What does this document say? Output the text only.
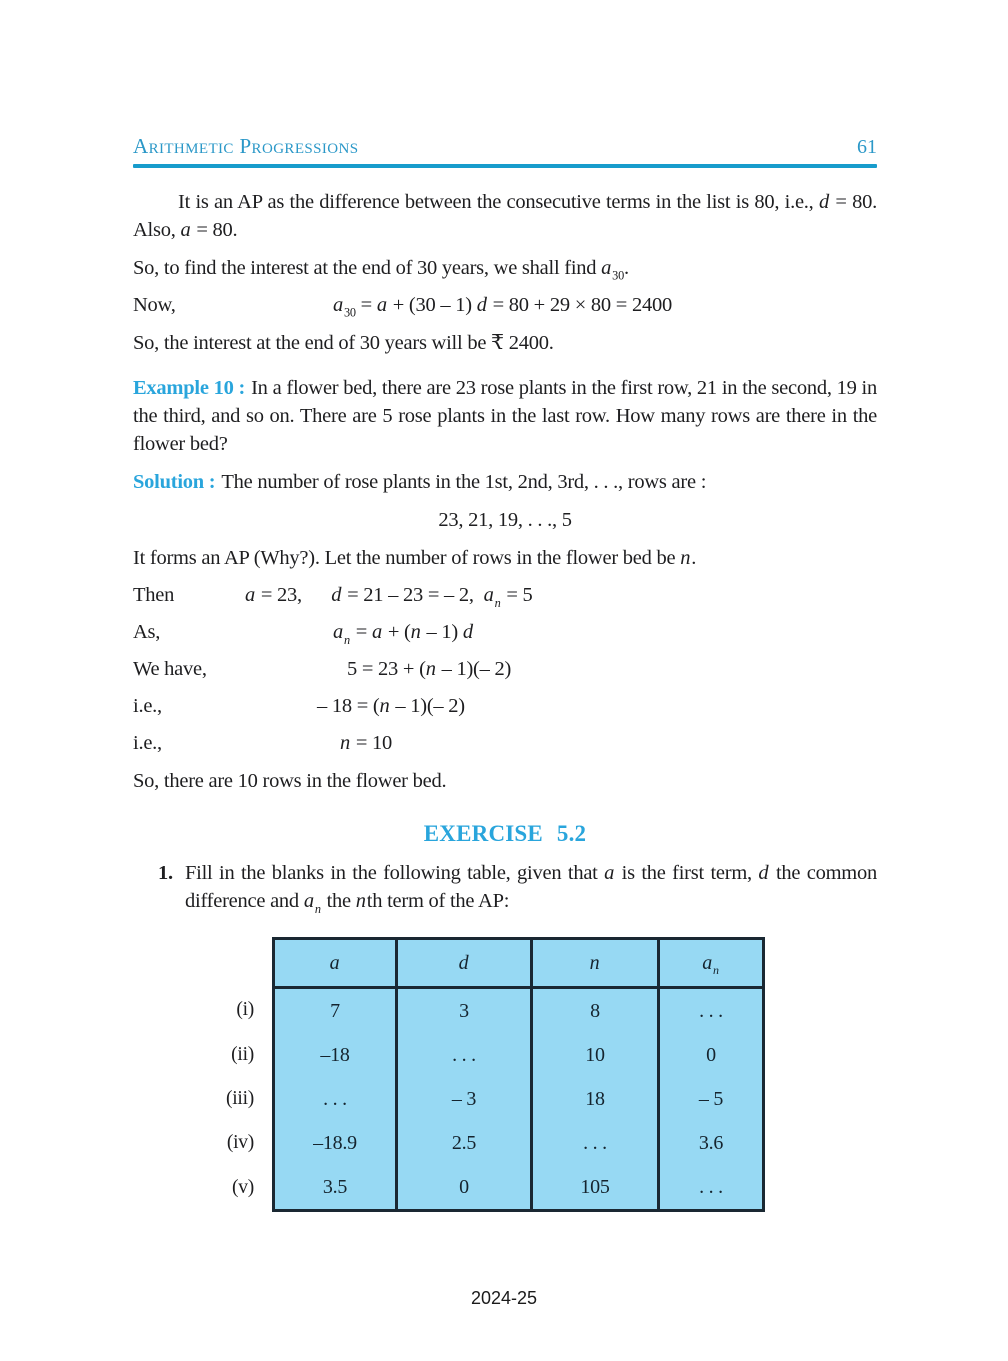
Arithmetic Progressions	61

It is an AP as the difference between the consecutive terms in the list is 80, i.e., d = 80. Also, a = 80.

So, to find the interest at the end of 30 years, we shall find $a_{30}$.

Now,	$a_{30} = a + (30 - 1) d = 80 + 29 \times 80 = 2400$

So, the interest at the end of 30 years will be ₹ 2400.

Example 10 : In a flower bed, there are 23 rose plants in the first row, 21 in the second, 19 in the third, and so on. There are 5 rose plants in the last row. How many rows are there in the flower bed?

Solution : The number of rose plants in the 1st, 2nd, 3rd, . . ., rows are :

23, 21, 19, . . ., 5

It forms an AP (Why?). Let the number of rows in the flower bed be n.

Then	a = 23,      d = 21 – 23 = – 2,  $a_n = 5$
As,	$a_n = a + (n - 1)$ d
We have,	5 = 23 + (n – 1)(– 2)
i.e.,	– 18 = (n – 1)(– 2)
i.e.,	n = 10

So, there are 10 rows in the flower bed.

EXERCISE 5.2
1. Fill in the blanks in the following table, given that a is the first term, d the common difference and $a_n$ the nth term of the AP:
	a	d	n	$a_n$
(i)	7	3	8	. . .
(ii)	–18	. . .	10	0
(iii)	. . .	– 3	18	– 5
(iv)	–18.9	2.5	. . .	3.6
(v)	3.5	0	105	. . .
2024-25
